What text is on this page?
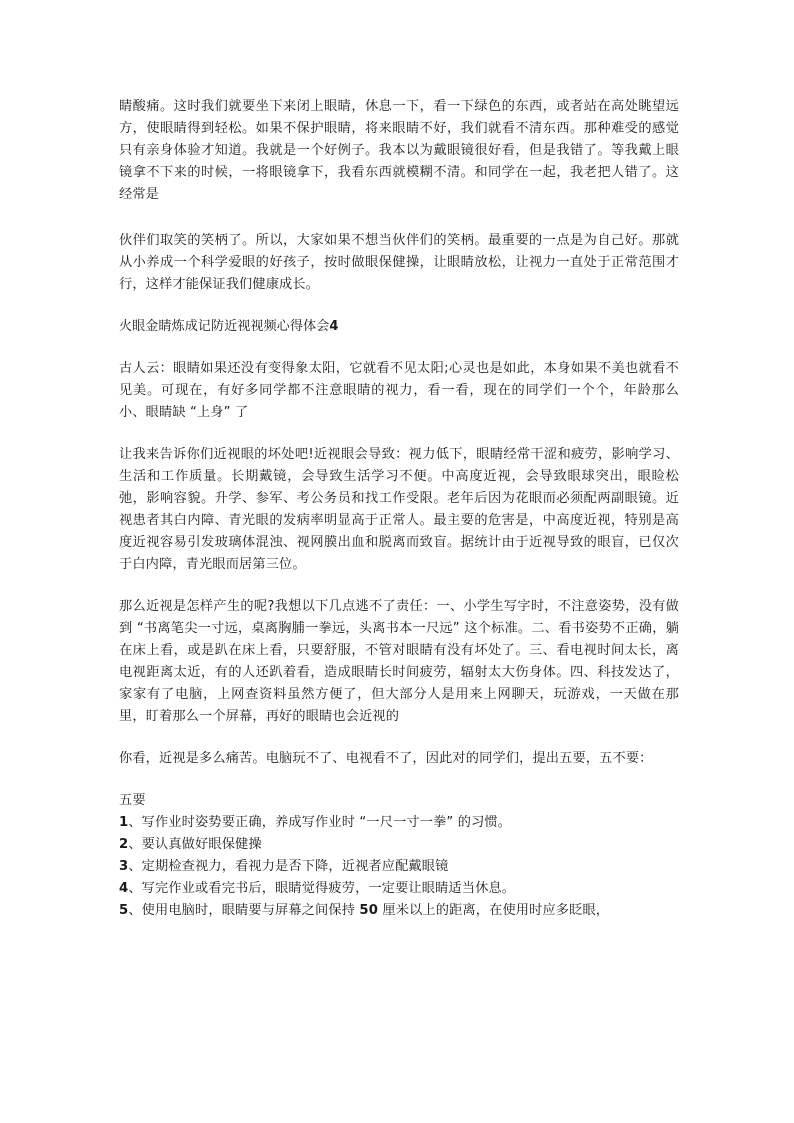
睛酸痛。这时我们就要坐下来闭上眼睛，休息一下，看一下绿色的东西，或者站在高处眺望远方，使眼睛得到轻松。如果不保护眼睛，将来眼睛不好，我们就看不清东西。那种难受的感觉只有亲身体验才知道。我就是一个好例子。我本以为戴眼镜很好看，但是我错了。等我戴上眼镜拿不下来的时候，一将眼镜拿下，我看东西就模糊不清。和同学在一起，我老把人错了。这经常是

伙伴们取笑的笑柄了。所以，大家如果不想当伙伴们的笑柄。最重要的一点是为自己好。那就从小养成一个科学爱眼的好孩子，按时做眼保健操，让眼睛放松，让视力一直处于正常范围才行，这样才能保证我们健康成长。

火眼金睛炼成记防近视视频心得体会4

古人云：眼睛如果还没有变得象太阳，它就看不见太阳;心灵也是如此，本身如果不美也就看不见美。可现在，有好多同学都不注意眼睛的视力，看一看，现在的同学们一个个，年龄那么小、眼睛缺 “上身” 了

让我来告诉你们近视眼的坏处吧!近视眼会导致：视力低下，眼睛经常干涩和疲劳，影响学习、生活和工作质量。长期戴镜，会导致生活学习不便。中高度近视，会导致眼球突出，眼睑松弛，影响容貌。升学、参军、考公务员和找工作受限。老年后因为花眼而必须配两副眼镜。近视患者其白内障、青光眼的发病率明显高于正常人。最主要的危害是，中高度近视，特别是高度近视容易引发玻璃体混浊、视网膜出血和脱离而致盲。据统计由于近视导致的眼盲，已仅次于白内障，青光眼而居第三位。

那么近视是怎样产生的呢?我想以下几点逃不了责任：一、小学生写字时，不注意姿势，没有做到 “书离笔尖一寸远，桌离胸脯一拳远，头离书本一尺远” 这个标准。二、看书姿势不正确，躺在床上看，或是趴在床上看，只要舒服，不管对眼睛有没有坏处了。三、看电视时间太长，离电视距离太近，有的人还趴着看，造成眼睛长时间疲劳，辐射太大伤身体。四、科技发达了，家家有了电脑，上网查资料虽然方便了，但大部分人是用来上网聊天，玩游戏，一天做在那里，盯着那么一个屏幕，再好的眼睛也会近视的

你看，近视是多么痛苦。电脑玩不了、电视看不了，因此对的同学们，提出五要，五不要：

五要

1、写作业时姿势要正确，养成写作业时 “一尺一寸一拳” 的习惯。

2、要认真做好眼保健操

3、定期检查视力，看视力是否下降，近视者应配戴眼镜

4、写完作业或看完书后，眼睛觉得疲劳，一定要让眼睛适当休息。

5、使用电脑时，眼睛要与屏幕之间保持 50 厘米以上的距离，在使用时应多眨眼，
